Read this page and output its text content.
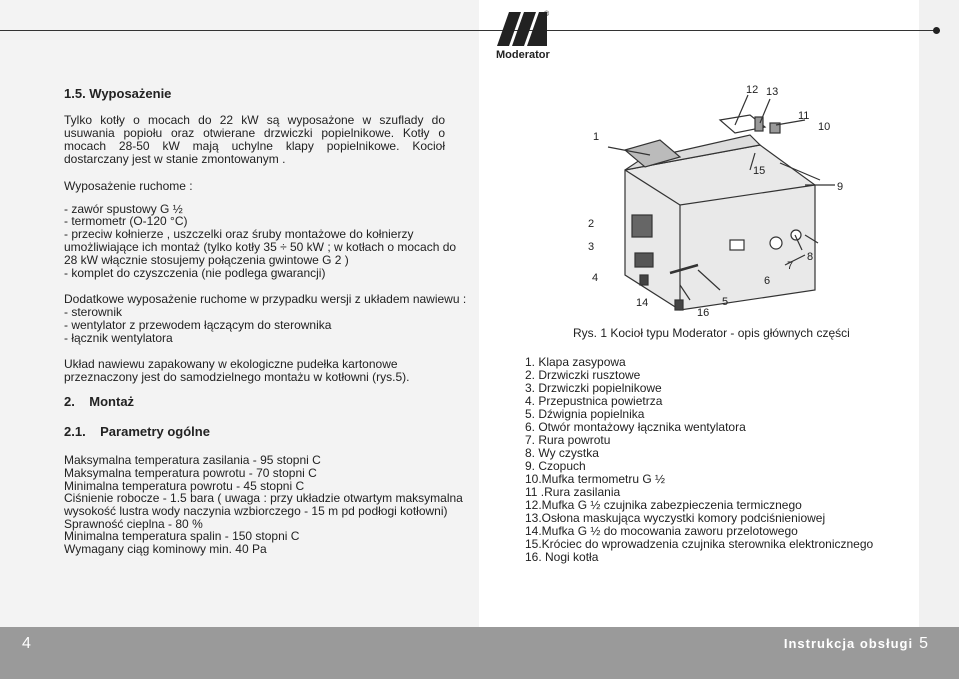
®
Moderator
1.5. Wyposażenie
Tylko kotły o mocach do 22 kW są wyposażone w szuflady do usuwania popiołu oraz otwierane drzwiczki popielnikowe. Kotły o mocach 28-50 kW mają uchylne klapy popielnikowe. Kocioł dostarczany jest w stanie zmontowanym .
Wyposażenie ruchome :
- zawór spustowy G ½
- termometr (O-120 °C)
- przeciw kołnierze , uszczelki oraz śruby montażowe do kołnierzy
umożliwiające ich montaż (tylko kotły 35 ÷ 50 kW ; w kotłach o mocach do
28 kW włącznie stosujemy połączenia gwintowe G 2 )
- komplet do czyszczenia (nie podlega gwarancji)
Dodatkowe wyposażenie ruchome w przypadku wersji z układem nawiewu :
- sterownik
- wentylator z przewodem łączącym do sterownika
- łącznik wentylatora
Układ nawiewu zapakowany w ekologiczne pudełka kartonowe
przeznaczony jest do samodzielnego montażu w kotłowni (rys.5).
2.    Montaż
2.1.    Parametry ogólne
Maksymalna temperatura zasilania - 95 stopni C
Maksymalna temperatura powrotu - 70 stopni C
Minimalna temperatura powrotu - 45 stopni C
Ciśnienie robocze - 1.5 bara ( uwaga : przy układzie otwartym maksymalna
wysokość lustra wody naczynia wzbiorczego - 15 m pd podłogi kotłowni)
Sprawność cieplna - 80 %
Minimalna temperatura spalin - 150 stopni C
Wymagany ciąg kominowy min. 40 Pa
1
2
3
4
5
6
7
8
9
10
11
12 13
14
15
16
Rys. 1 Kocioł typu Moderator - opis głównych części
1. Klapa zasypowa
2. Drzwiczki rusztowe
3. Drzwiczki popielnikowe
4. Przepustnica powietrza
5. Dźwignia popielnika
6. Otwór montażowy łącznika wentylatora
7. Rura powrotu
8. Wy czystka
9. Czopuch
10.Mufka termometru G ½
11 .Rura zasilania
12.Mufka G ½ czujnika zabezpieczenia termicznego
13.Osłona maskująca wyczystki komory podciśnieniowej
14.Mufka G ½ do mocowania zaworu przelotowego
15.Króciec do wprowadzenia czujnika sterownika elektronicznego
16. Nogi kotła
4	Instrukcja obsługi 5
